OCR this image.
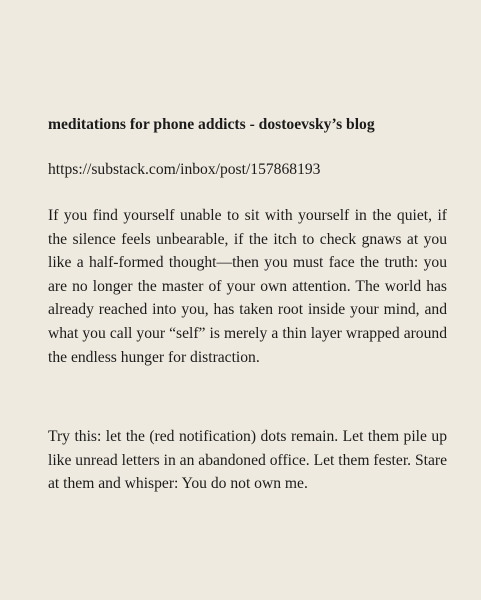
meditations for phone addicts - dostoevsky’s blog

https://substack.com/inbox/post/157868193

If you find yourself unable to sit with yourself in the quiet, if the silence feels unbearable, if the itch to check gnaws at you like a half-formed thought—then you must face the truth: you are no longer the master of your own attention. The world has already reached into you, has taken root inside your mind, and what you call your “self” is merely a thin layer wrapped around the endless hunger for distraction.

Try this: let the (red notification) dots remain. Let them pile up like unread letters in an abandoned office. Let them fester. Stare at them and whisper: You do not own me.
